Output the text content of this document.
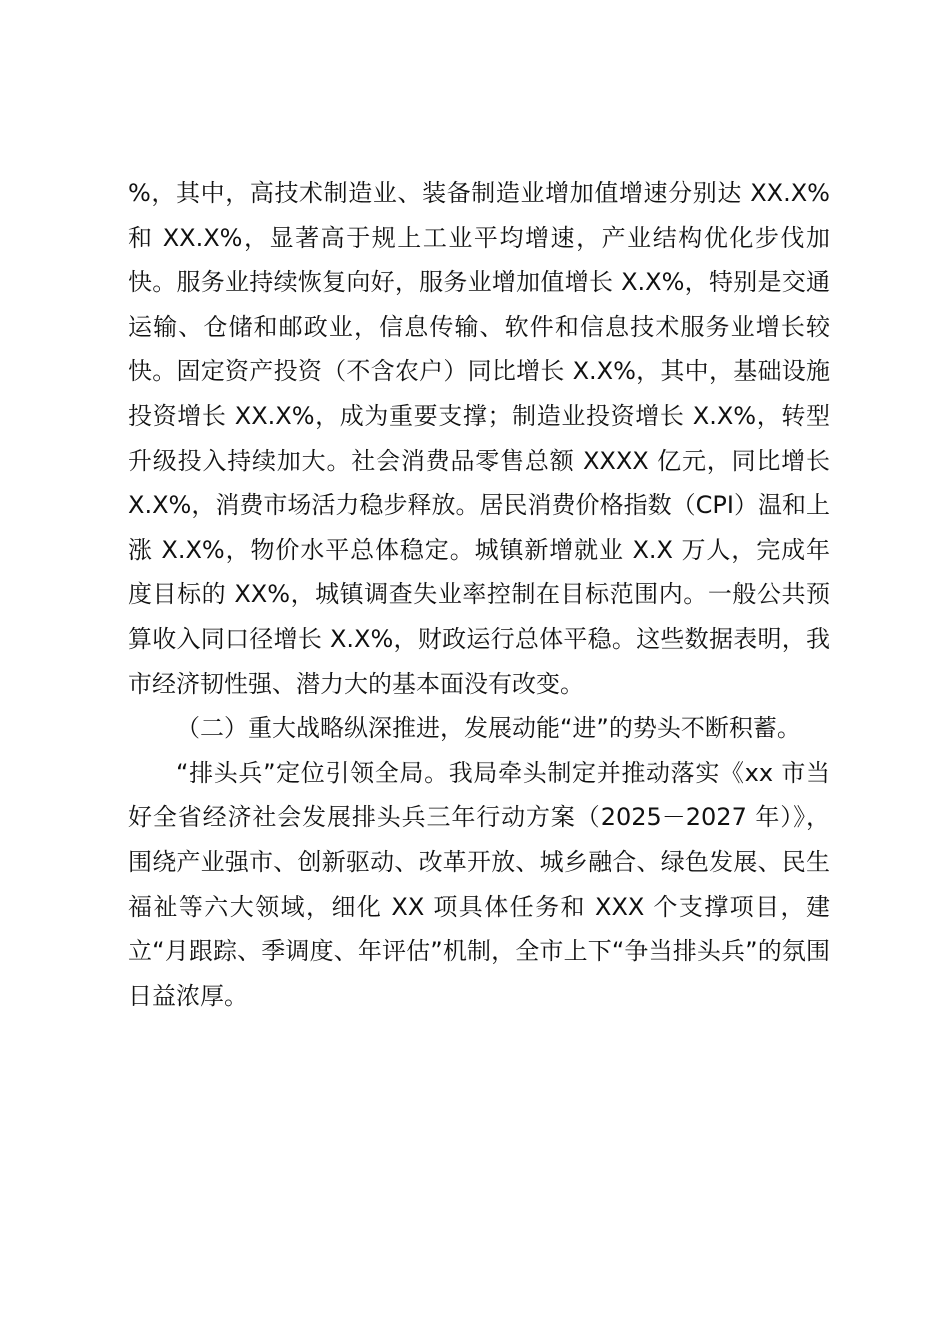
%，其中，高技术制造业、装备制造业增加值增速分别达 XX.X%和 XX.X%，显著高于规上工业平均增速，产业结构优化步伐加快。服务业持续恢复向好，服务业增加值增长 X.X%，特别是交通运输、仓储和邮政业，信息传输、软件和信息技术服务业增长较快。固定资产投资（不含农户）同比增长 X.X%，其中，基础设施投资增长 XX.X%，成为重要支撑；制造业投资增长 X.X%，转型升级投入持续加大。社会消费品零售总额 XXXX 亿元，同比增长 X.X%，消费市场活力稳步释放。居民消费价格指数（CPI）温和上涨 X.X%，物价水平总体稳定。城镇新增就业 X.X 万人，完成年度目标的 XX%，城镇调查失业率控制在目标范围内。一般公共预算收入同口径增长 X.X%，财政运行总体平稳。这些数据表明，我市经济韧性强、潜力大的基本面没有改变。

（二）重大战略纵深推进，发展动能“进”的势头不断积蓄。

“排头兵”定位引领全局。我局牵头制定并推动落实《xx 市当好全省经济社会发展排头兵三年行动方案（2025－2027 年）》，围绕产业强市、创新驱动、改革开放、城乡融合、绿色发展、民生福祉等六大领域，细化 XX 项具体任务和 XXX 个支撑项目，建立“月跟踪、季调度、年评估”机制，全市上下“争当排头兵”的氛围日益浓厚。
